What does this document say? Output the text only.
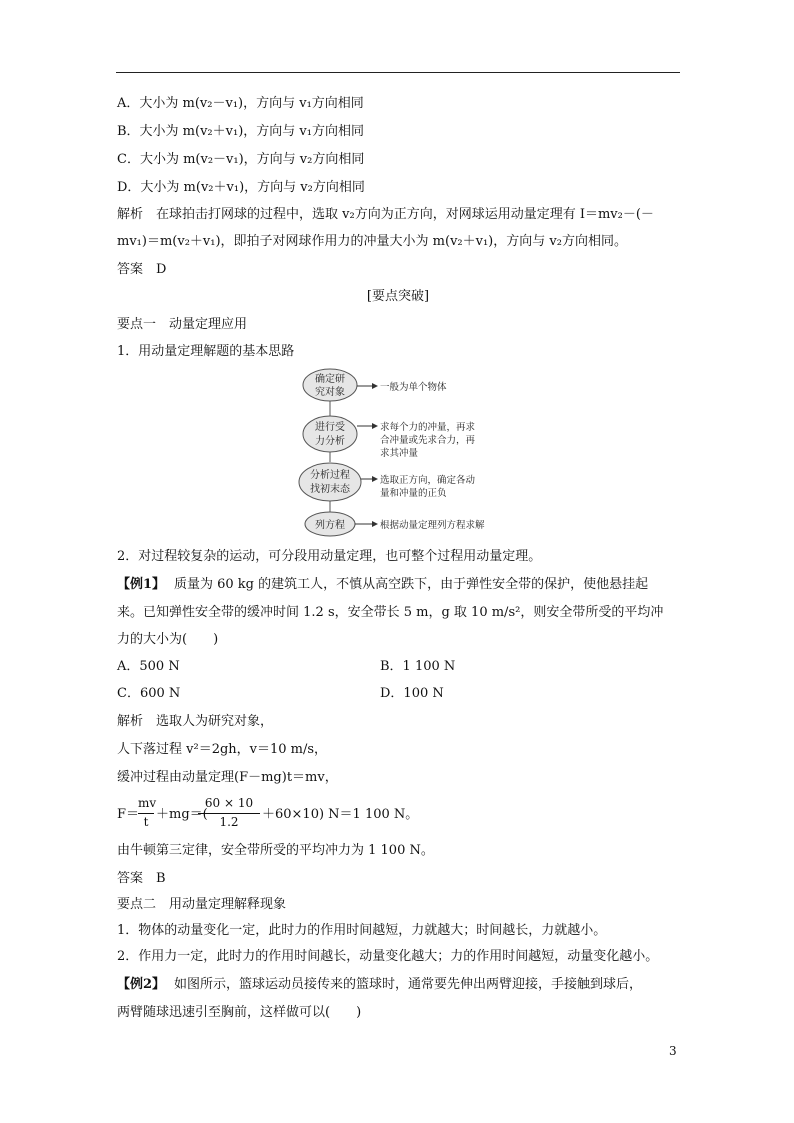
A．大小为 m(v₂－v₁)，方向与 v₁方向相同
B．大小为 m(v₂＋v₁)，方向与 v₁方向相同
C．大小为 m(v₂－v₁)，方向与 v₂方向相同
D．大小为 m(v₂＋v₁)，方向与 v₂方向相同
解析　在球拍击打网球的过程中，选取 v₂方向为正方向，对网球运用动量定理有 I＝mv₂－(－
mv₁)＝m(v₂＋v₁)，即拍子对网球作用力的冲量大小为 m(v₂＋v₁)，方向与 v₂方向相同。
答案　D
[要点突破]
要点一　动量定理应用
1．用动量定理解题的基本思路
确定研
究对象	一般为单个物体
进行受
力分析
求每个力的冲量，再求
合冲量或先求合力，再
求其冲量
分析过程
找初末态
选取正方向，确定各动
量和冲量的正负
列方程	根据动量定理列方程求解
2．对过程较复杂的运动，可分段用动量定理，也可整个过程用动量定理。
【例1】 质量为 60 kg 的建筑工人，不慎从高空跌下，由于弹性安全带的保护，使他悬挂起
来。已知弹性安全带的缓冲时间 1.2 s，安全带长 5 m，g 取 10 m/s²，则安全带所受的平均冲
力的大小为(　　)
A．500 N	B．1 100 N
C．600 N	D．100 N
解析　选取人为研究对象，
人下落过程 v²＝2gh，v＝10 m/s，
缓冲过程由动量定理(F－mg)t＝mv，
F＝
mv
t ＋mg＝(
60 × 10
1.2	＋60×10) N＝1 100 N。
由牛顿第三定律，安全带所受的平均冲力为 1 100 N。
答案　B
要点二　用动量定理解释现象
1．物体的动量变化一定，此时力的作用时间越短，力就越大；时间越长，力就越小。
2．作用力一定，此时力的作用时间越长，动量变化越大；力的作用时间越短，动量变化越小。
【例2】 如图所示，篮球运动员接传来的篮球时，通常要先伸出两臂迎接，手接触到球后，
两臂随球迅速引至胸前，这样做可以(　　)
3
